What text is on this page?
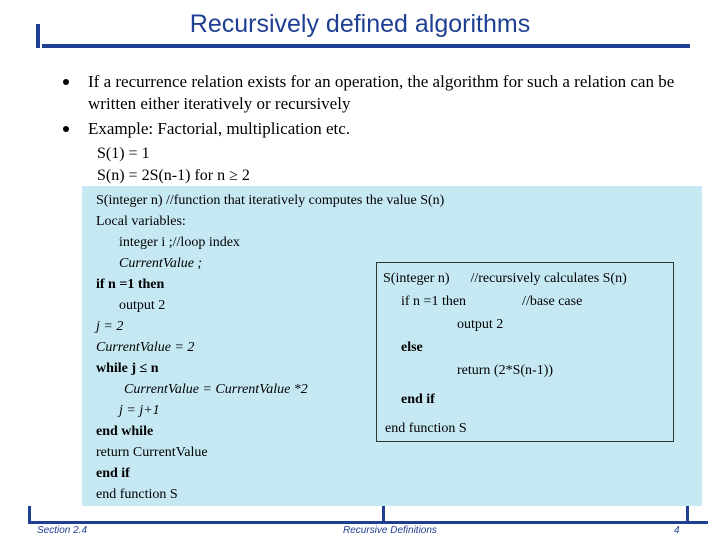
Recursively defined algorithms
If a recurrence relation exists for an operation, the algorithm for such a relation can be written either iteratively or recursively
Example: Factorial, multiplication etc.
S(1) = 1
S(n) = 2S(n-1) for n ≥ 2
S(integer n) //function that iteratively computes the value S(n)
Local variables:
integer i ;//loop index
CurrentValue ;
if n =1 then
output 2
j = 2
CurrentValue = 2
while j ≤ n
CurrentValue = CurrentValue *2
j = j+1
end while
return CurrentValue
end if
end function S
S(integer n)      //recursively calculates S(n)
if n =1 then                //base case
output 2
else
return (2*S(n-1))
end if
end function S
Section 2.4	Recursive Definitions	4
